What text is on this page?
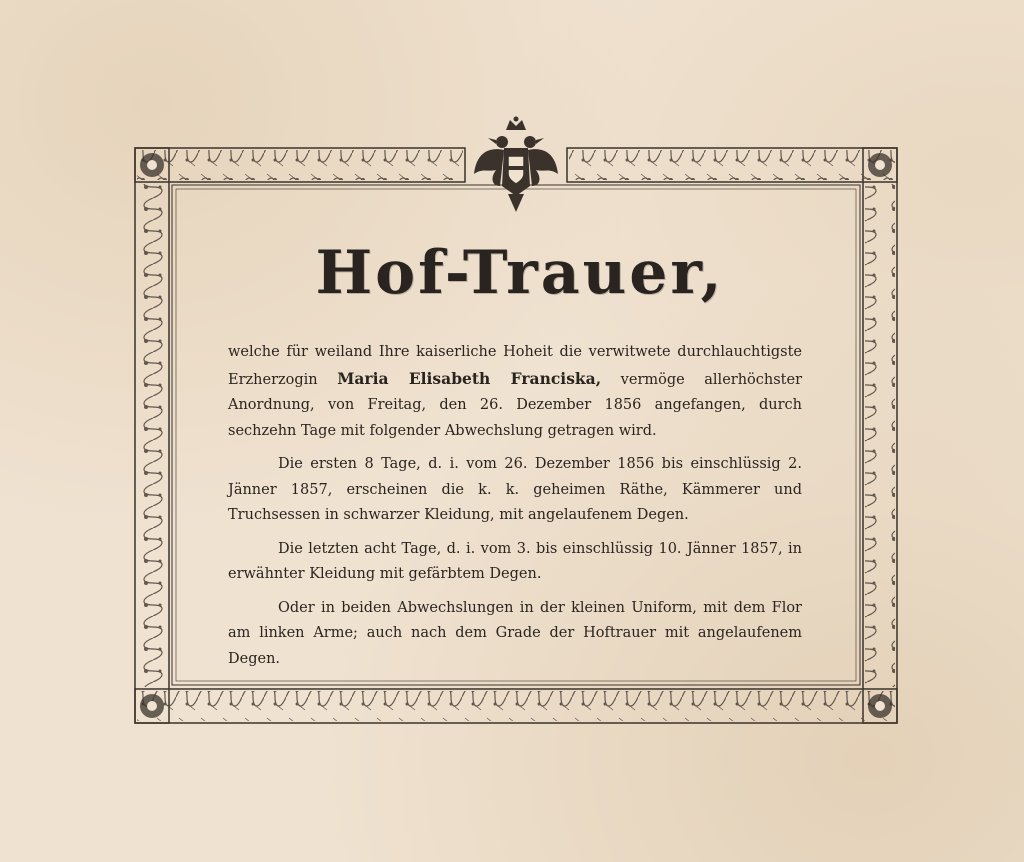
Hof-Trauer,

welche für weiland Ihre kaiserliche Hoheit die verwitwete durchlauchtigste Erzherzogin Maria Elisabeth Franciska, vermöge allerhöchster Anordnung, von Freitag, den 26. Dezember 1856 angefangen, durch sechzehn Tage mit folgender Abwechslung getragen wird.

Die ersten 8 Tage, d. i. vom 26. Dezember 1856 bis einschlüssig 2. Jänner 1857, erscheinen die k. k. geheimen Räthe, Kämmerer und Truchsessen in schwarzer Kleidung, mit angelaufenem Degen.

Die letzten acht Tage, d. i. vom 3. bis einschlüssig 10. Jänner 1857, in erwähnter Kleidung mit gefärbtem Degen.

Oder in beiden Abwechslungen in der kleinen Uniform, mit dem Flor am linken Arme; auch nach dem Grade der Hoftrauer mit angelaufenem Degen.
